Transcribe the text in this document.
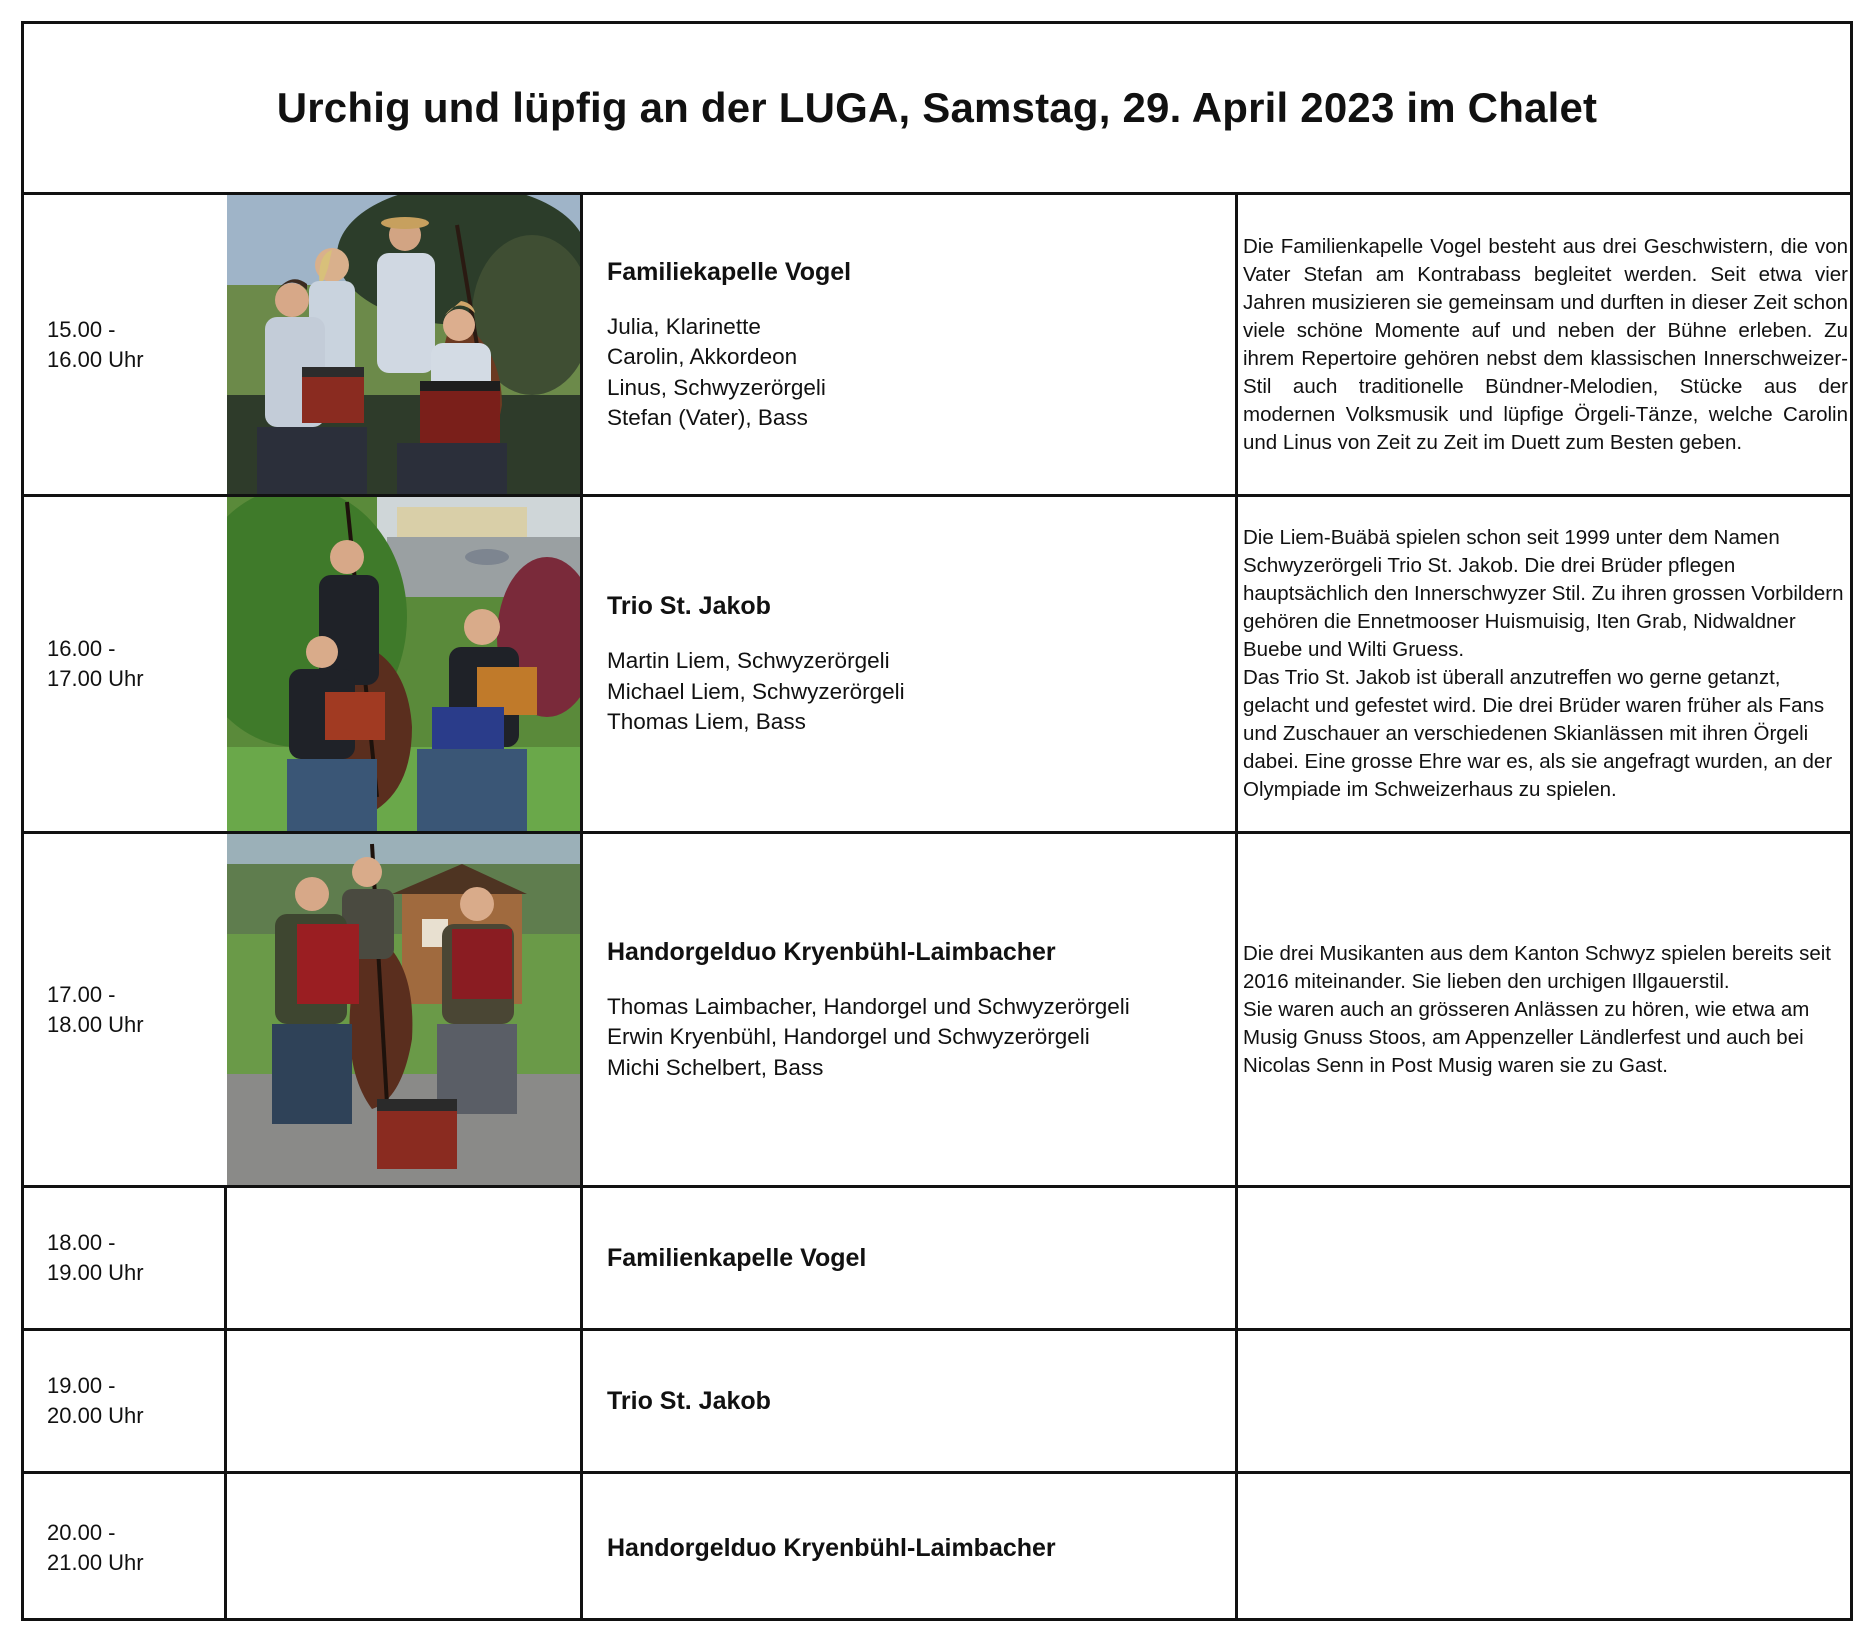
Urchig und lüpfig an der LUGA, Samstag, 29. April 2023 im Chalet
15.00 -
16.00 Uhr
Familiekapelle Vogel
Julia, Klarinette
Carolin, Akkordeon
Linus, Schwyzerörgeli
Stefan (Vater), Bass

Die Familienkapelle Vogel besteht aus drei Geschwistern, die von Vater Stefan am Kontrabass begleitet werden. Seit etwa vier Jahren musizieren sie gemeinsam und durften in dieser Zeit schon viele schöne Momente auf und neben der Bühne erleben. Zu ihrem Repertoire gehören nebst dem klassischen Innerschweizer-Stil auch traditionelle Bündner-Melodien, Stücke aus der modernen Volksmusik und lüpfige Örgeli-Tänze, welche Carolin und Linus von Zeit zu Zeit im Duett zum Besten geben.

16.00 -
17.00 Uhr
Trio St. Jakob
Martin Liem, Schwyzerörgeli
Michael Liem, Schwyzerörgeli
Thomas Liem, Bass

Die Liem-Buäbä spielen schon seit 1999 unter dem Namen Schwyzerörgeli Trio St. Jakob. Die drei Brüder pflegen hauptsächlich den Innerschwyzer Stil. Zu ihren grossen Vorbildern gehören die Ennetmooser Huismuisig, Iten Grab, Nidwaldner Buebe und Wilti Gruess.

Das Trio St. Jakob ist überall anzutreffen wo gerne getanzt, gelacht und gefestet wird. Die drei Brüder waren früher als Fans und Zuschauer an verschiedenen Skianlässen mit ihren Örgeli dabei. Eine grosse Ehre war es, als sie angefragt wurden, an der Olympiade im Schweizerhaus zu spielen.

17.00 -
18.00 Uhr
Handorgelduo Kryenbühl-Laimbacher
Thomas Laimbacher, Handorgel und Schwyzerörgeli
Erwin Kryenbühl, Handorgel und Schwyzerörgeli
Michi Schelbert, Bass

Die drei Musikanten aus dem Kanton Schwyz spielen bereits seit 2016 miteinander. Sie lieben den urchigen Illgauerstil.

Sie waren auch an grösseren Anlässen zu hören, wie etwa am Musig Gnuss Stoos, am Appenzeller Ländlerfest und auch bei Nicolas Senn in Post Musig waren sie zu Gast.

18.00 -
19.00 Uhr
Familienkapelle Vogel
19.00 -
20.00 Uhr
Trio St. Jakob
20.00 -
21.00 Uhr
Handorgelduo Kryenbühl-Laimbacher
